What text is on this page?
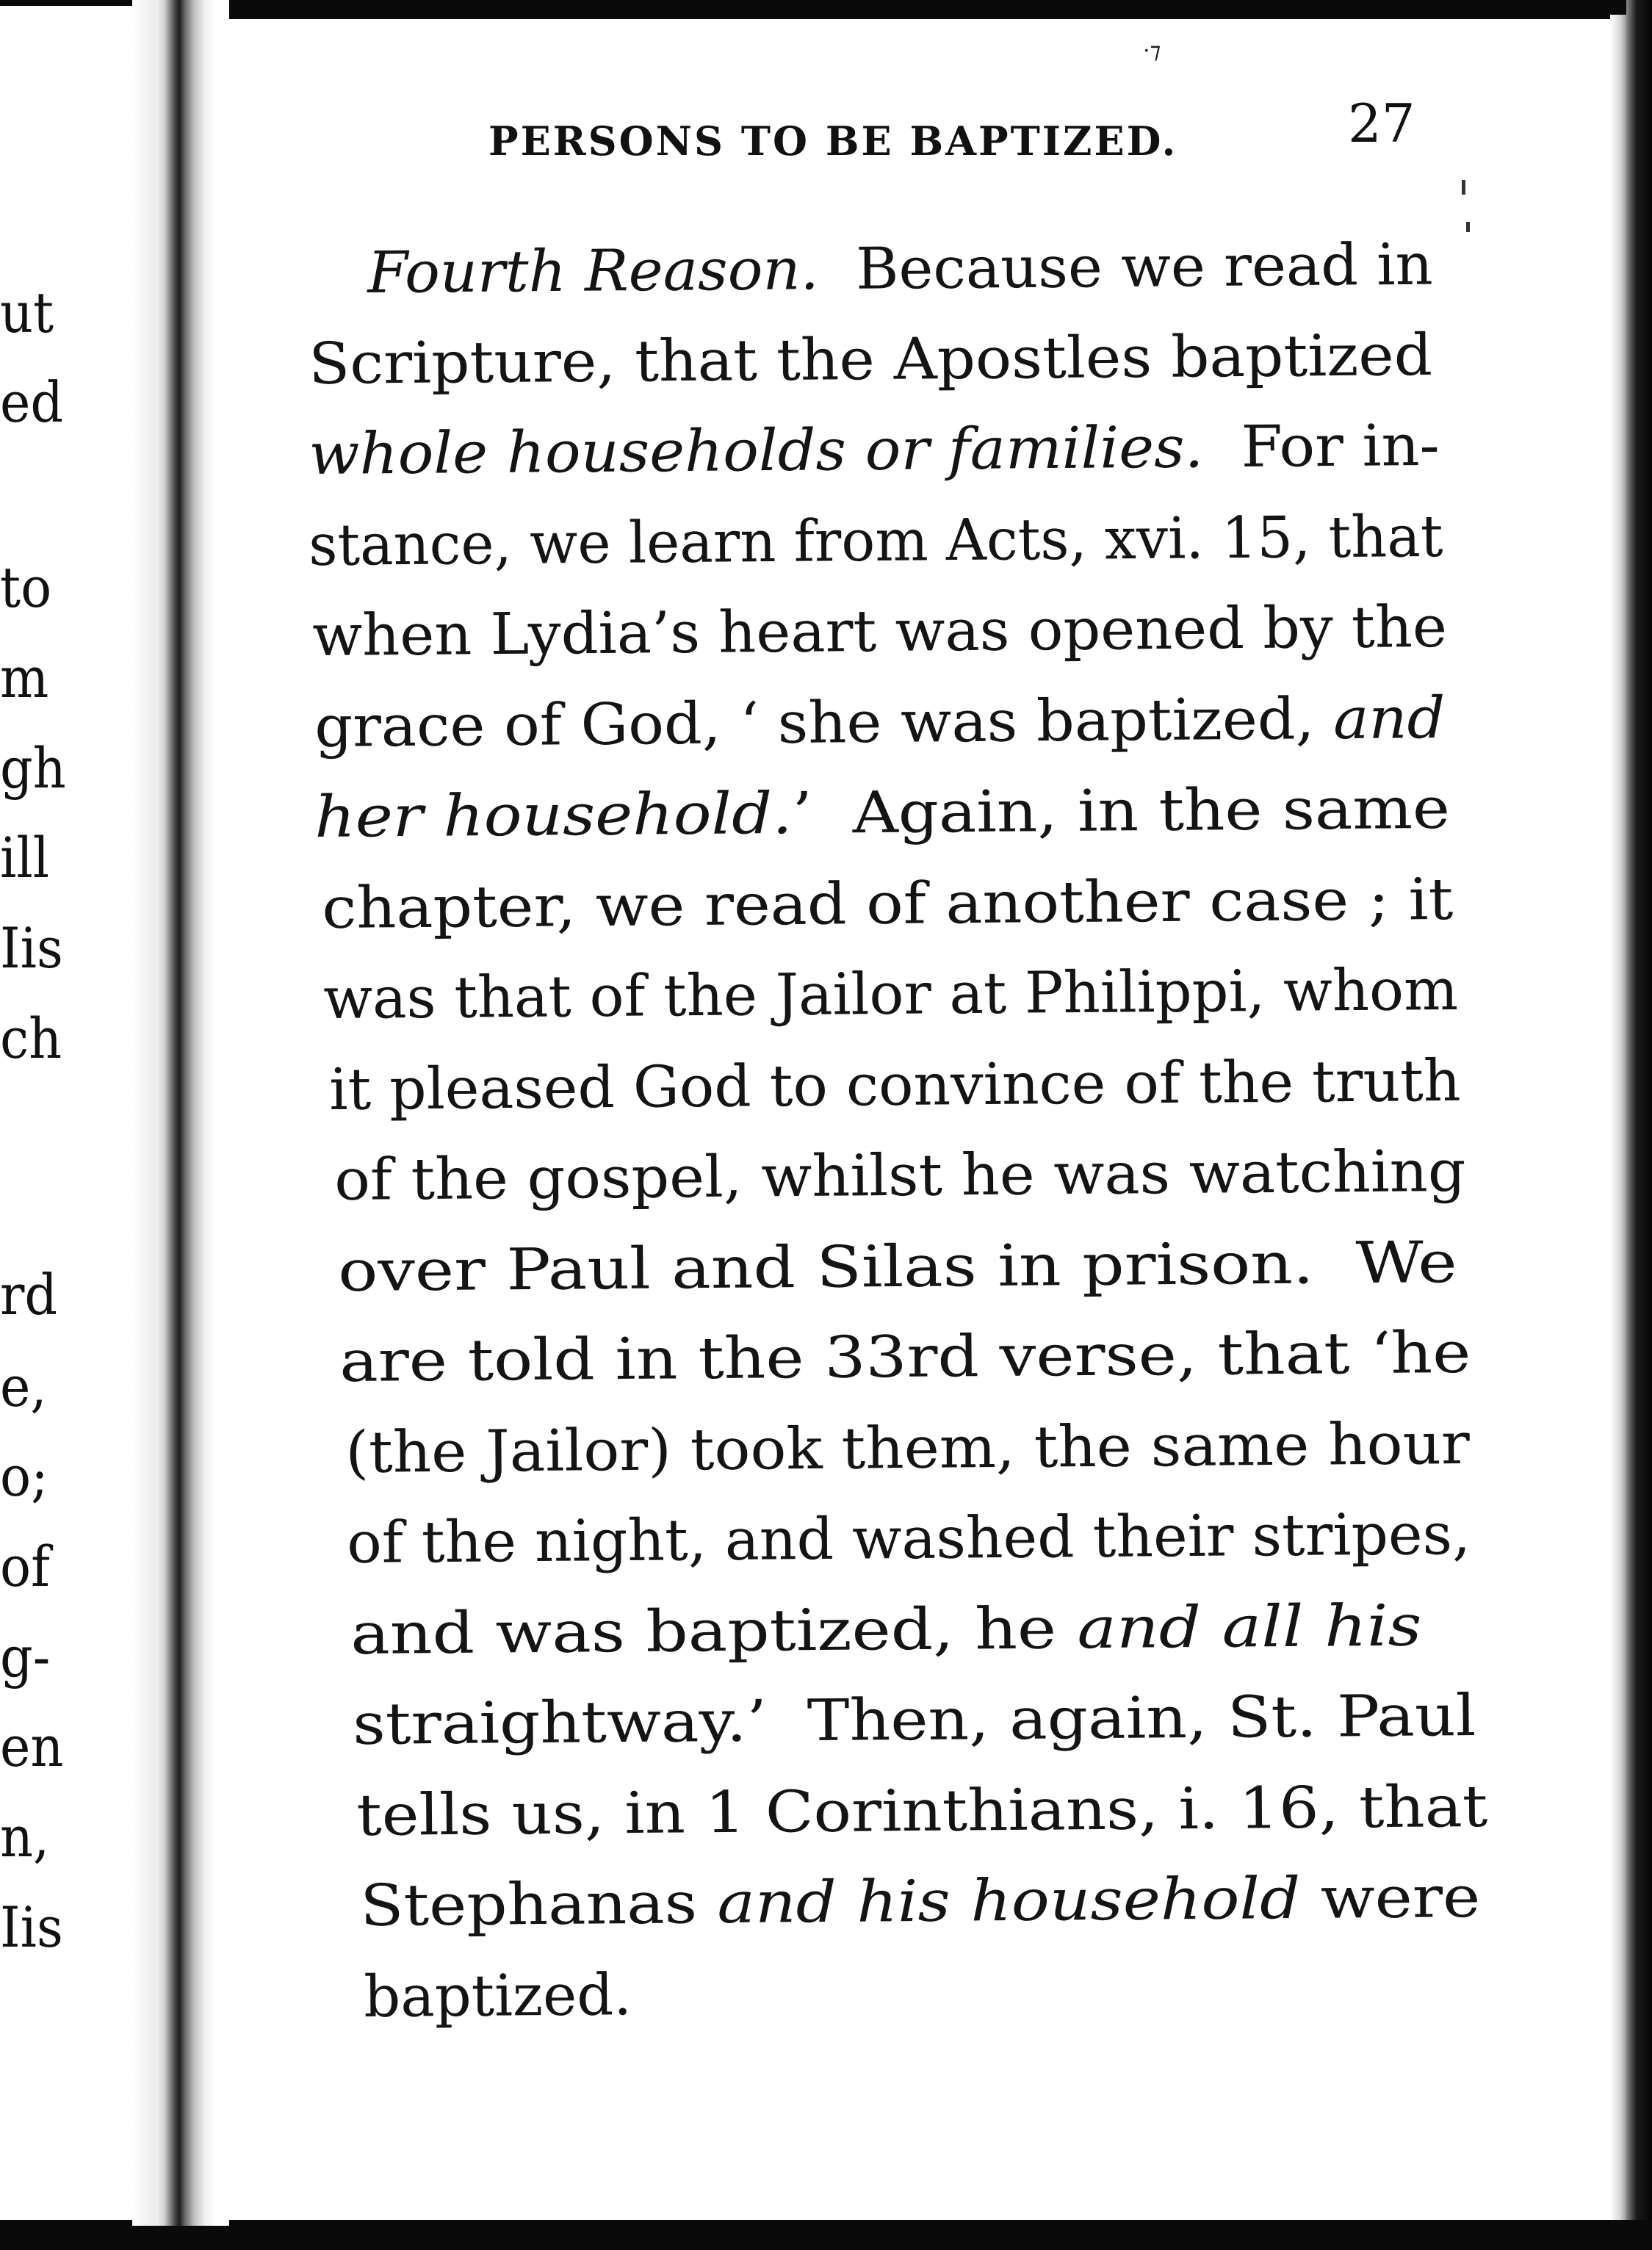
ut
ed
to
m
gh
ill
Iis
ch
rd
e,
o;
of
g-
en
n,
Iis
·⁊
PERSONS TO BE BAPTIZED.	27
Fourth Reason.  Because we read in
Scripture, that the Apostles baptized
whole households or families.  For in-
stance, we learn from Acts, xvi. 15, that
when Lydia’s heart was opened by the
grace of God, ‘ she was baptized, and
her household.’  Again, in the same
chapter, we read of another case ; it
was that of the Jailor at Philippi, whom
it pleased God to convince of the truth
of the gospel, whilst he was watching
over Paul and Silas in prison.  We
are told in the 33rd verse, that ‘he
(the Jailor) took them, the same hour
of the night, and washed their stripes,
and was baptized, he and all his
straightway.’  Then, again, St. Paul
tells us, in 1 Corinthians, i. 16, that
Stephanas and his household were
baptized.
